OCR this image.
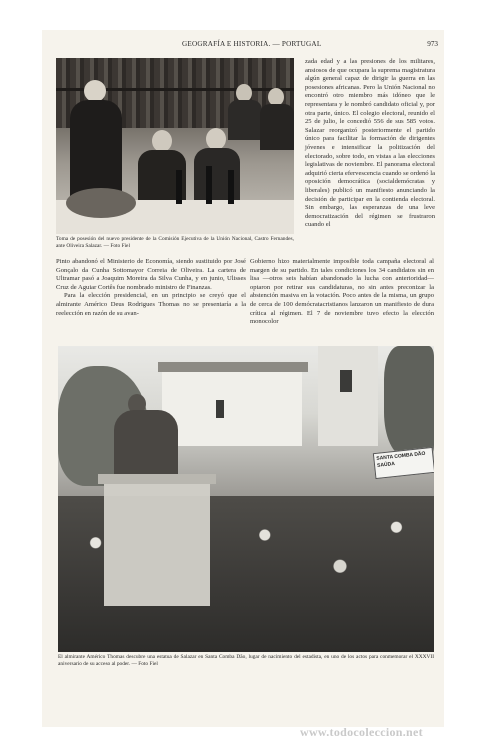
GEOGRAFÍA E HISTORIA. — PORTUGAL	973
Toma de posesión del nuevo presidente de la Comisión Ejecutiva de la Unión Nacional, Castro Fernandes, ante Oliveira Salazar. — Foto Fiel

zada edad y a las presiones de los militares, ansiosos de que ocupara la suprema magistratura algún general capaz de dirigir la guerra en las posesiones africanas. Pero la Unión Nacional no encontró otro miembro más idóneo que le representara y le nombró candidato oficial y, por otra parte, único. El colegio electoral, reunido el 25 de julio, le concedió 556 de sus 585 votos. Salazar reorganizó posteriormente el partido único para facilitar la formación de dirigentes jóvenes e intensificar la politización del electorado, sobre todo, en vistas a las elecciones legislativas de noviembre. El panorama electoral adquirió cierta efervescencia cuando se ordenó la oposición democrática (socialdemócratas y liberales) publicó un manifiesto anunciando la decisión de participar en la contienda electoral. Sin embargo, las esperanzas de una leve democratización del régimen se frustraron cuando el

Pinto abandonó el Ministerio de Economía, siendo sustituido por José Gonçalo da Cunha Sottomayor Correia de Oliveira. La cartera de Ultramar pasó a Joaquim Moreira da Silva Cunha, y en junio, Ulisses Cruz de Aguiar Cortês fue nombrado ministro de Finanzas.

Para la elección presidencial, en un principio se creyó que el almirante Américo Deus Rodrigues Thomas no se presentaría a la reelección en razón de su avan-

Gobierno hizo materialmente imposible toda campaña electoral al margen de su partido. En tales condiciones los 34 candidatos sin en lisa —otros seis habían abandonado la lucha con anterioridad— optaron por retirar sus candidaturas, no sin antes preconizar la abstención masiva en la votación. Poco antes de la misma, un grupo de cerca de 100 demócratacristianos lanzaron un manifiesto de dura crítica al régimen. El 7 de noviembre tuvo efecto la elección monocolor

SANTA COMBA DÃO SAÚDA
El almirante Américo Thomas descubre una estatua de Salazar en Santa Comba Dão, lugar de nacimiento del estadista, en uno de los actos para conmemorar el XXXVII aniversario de su acceso al poder. — Foto Fiel
www.todocoleccion.net
